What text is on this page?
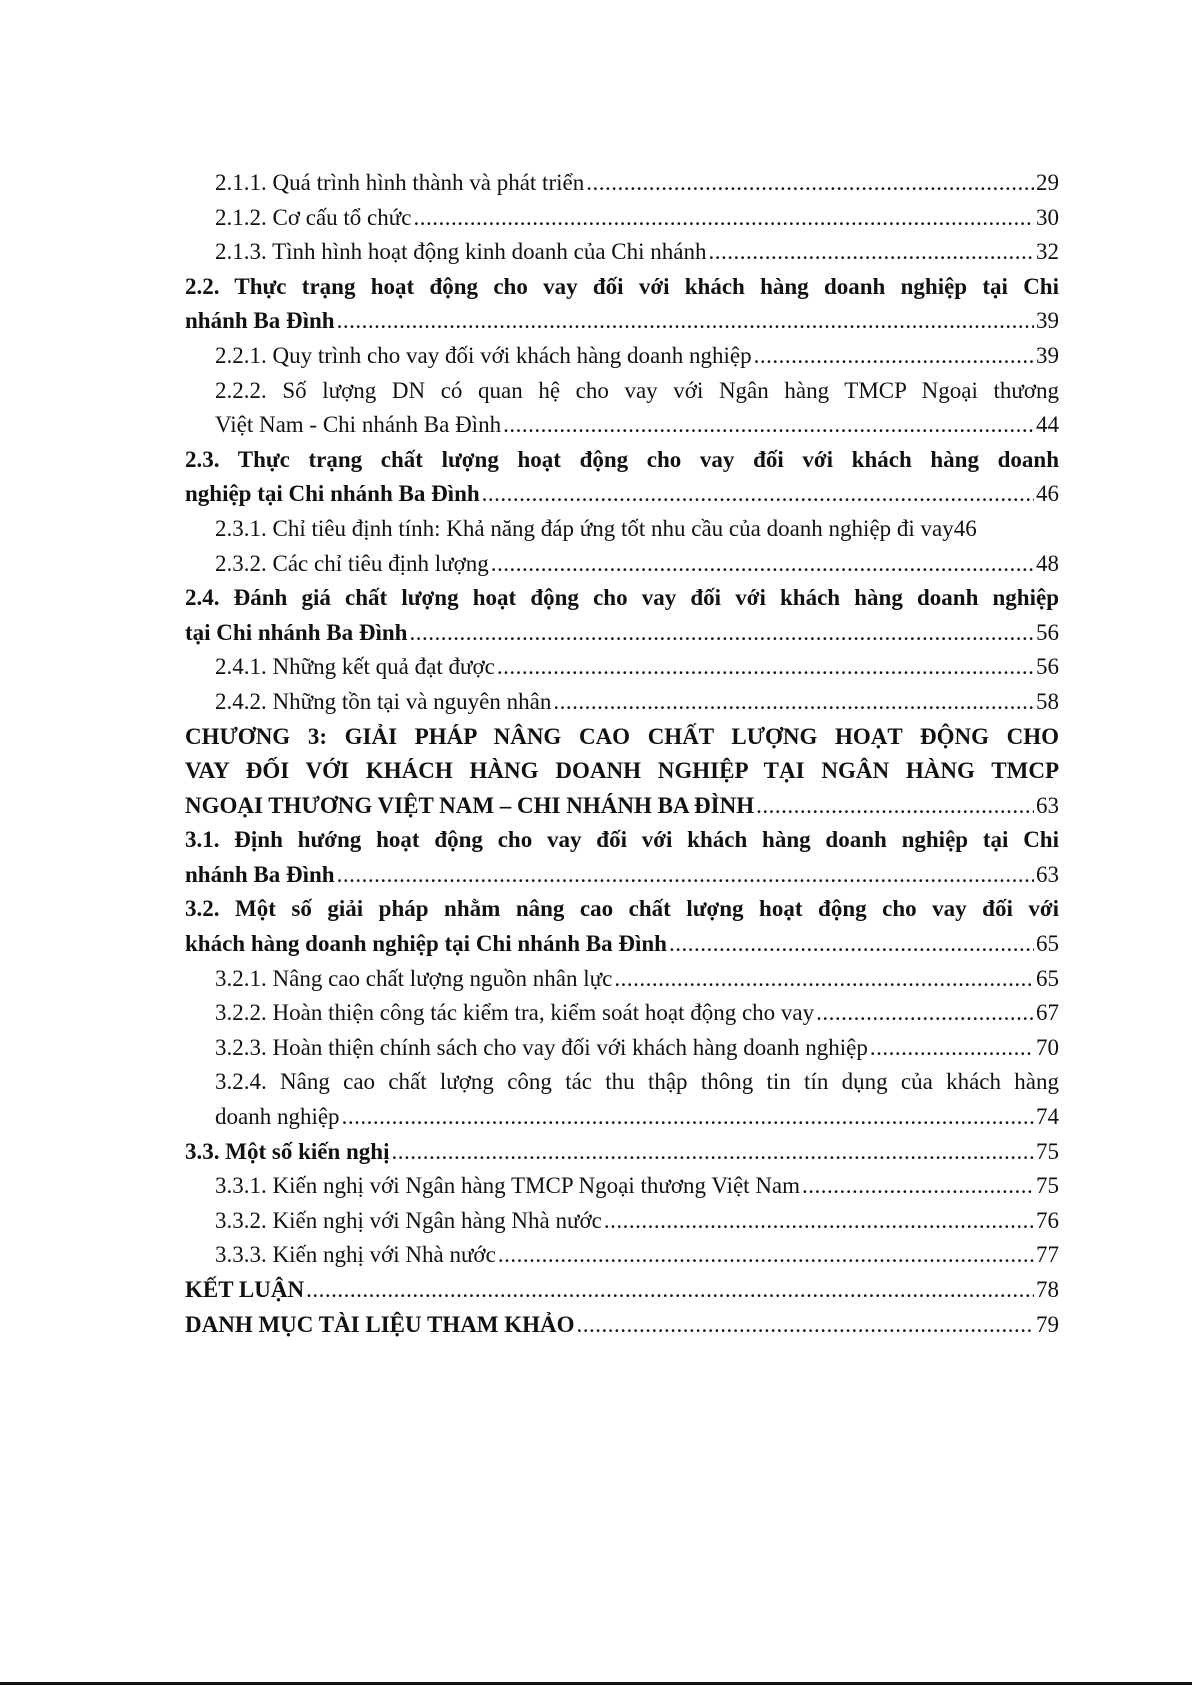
2.1.1. Quá trình hình thành và phát triển .....	29
2.1.2. Cơ cấu tổ chức .....	30
2.1.3. Tình hình hoạt động kinh doanh của Chi nhánh .....	32
2.2. Thực trạng hoạt động cho vay đối với khách hàng doanh nghiệp tại Chi
nhánh Ba Đình .....	39
2.2.1. Quy trình cho vay đối với khách hàng doanh nghiệp .....	39
2.2.2. Số lượng DN có quan hệ cho vay với Ngân hàng TMCP Ngoại thương
Việt Nam - Chi nhánh Ba Đình .....	44
2.3. Thực trạng chất lượng hoạt động cho vay đối với khách hàng doanh
nghiệp tại Chi nhánh Ba Đình .....	46
2.3.1. Chỉ tiêu định tính: Khả năng đáp ứng tốt nhu cầu của doanh nghiệp đi vay46
2.3.2. Các chỉ tiêu định lượng .....	48
2.4. Đánh giá chất lượng hoạt động cho vay đối với khách hàng doanh nghiệp
tại Chi nhánh Ba Đình .....	56
2.4.1. Những kết quả đạt được .....	56
2.4.2. Những tồn tại và nguyên nhân .....	58
CHƯƠNG 3: GIẢI PHÁP NÂNG CAO CHẤT LƯỢNG HOẠT ĐỘNG CHO
VAY ĐỐI VỚI KHÁCH HÀNG DOANH NGHIỆP TẠI NGÂN HÀNG TMCP
NGOẠI THƯƠNG VIỆT NAM – CHI NHÁNH BA ĐÌNH .....	63
3.1. Định hướng hoạt động cho vay đối với khách hàng doanh nghiệp tại Chi
nhánh Ba Đình .....	63
3.2. Một số giải pháp nhằm nâng cao chất lượng hoạt động cho vay đối với
khách hàng doanh nghiệp tại Chi nhánh Ba Đình .....	65
3.2.1. Nâng cao chất lượng nguồn nhân lực .....	65
3.2.2. Hoàn thiện công tác kiểm tra, kiểm soát hoạt động cho vay .....	67
3.2.3. Hoàn thiện chính sách cho vay đối với khách hàng doanh nghiệp .....	70
3.2.4. Nâng cao chất lượng công tác thu thập thông tin tín dụng của khách hàng
doanh nghiệp .....	74
3.3. Một số kiến nghị .....	75
3.3.1. Kiến nghị với Ngân hàng TMCP Ngoại thương Việt Nam .....	75
3.3.2. Kiến nghị với Ngân hàng Nhà nước .....	76
3.3.3. Kiến nghị với Nhà nước .....	77
KẾT LUẬN .....	78
DANH MỤC TÀI LIỆU THAM KHẢO .....	79
